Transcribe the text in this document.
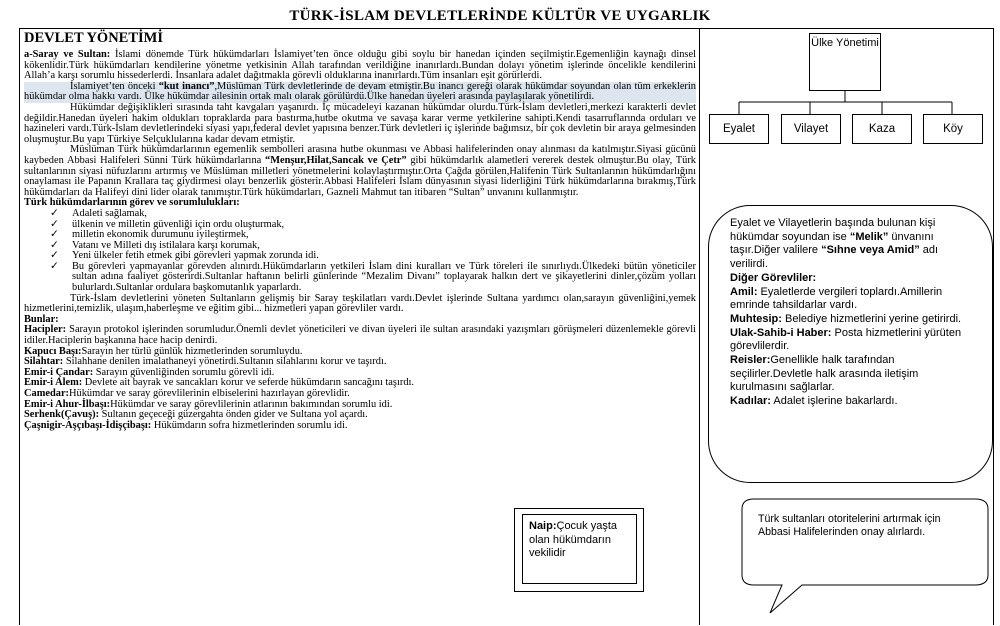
TÜRK-İSLAM DEVLETLERİNDE KÜLTÜR VE UYGARLIK
DEVLET YÖNETİMİ

a-Saray ve Sultan: İslami dönemde Türk hükümdarları İslamiyet’ten önce olduğu gibi soylu bir hanedan içinden seçilmiştir.Egemenliğin kaynağı dinsel kökenlidir.Türk hükümdarları kendilerine yönetme yetkisinin Allah tarafından verildiğine inanırlardı.Bundan dolayı yönetim işlerinde öncelikle kendilerini Allah’a karşı sorumlu hissederlerdi. İnsanlara adalet dağıtmakla görevli olduklarına inanırlardı.Tüm insanları eşit görürlerdi.

İslamiyet’ten önceki “kut inancı”,Müslüman Türk devletlerinde de devam etmiştir.Bu inancı gereği olarak hükümdar soyundan olan tüm erkeklerin hükümdar olma hakkı vardı. Ülke hükümdar ailesinin ortak malı olarak görülürdü.Ülke hanedan üyeleri arasında paylaşılarak yönetilirdi.

Hükümdar değişiklikleri sırasında taht kavgaları yaşanırdı. İç mücadeleyi kazanan hükümdar olurdu.Türk-İslam devletleri,merkezi karakterli devlet değildir.Hanedan üyeleri hakim oldukları topraklarda para bastırma,hutbe okutma ve savaşa karar verme yetkilerine sahipti.Kendi tasarruflarında orduları ve hazineleri vardı.Türk-İslam devletlerindeki siyasi yapı,federal devlet yapısına benzer.Türk devletleri iç işlerinde bağımsız, bir çok devletin bir araya gelmesinden oluşmuştur.Bu yapı Türkiye Selçuklularına kadar devam etmiştir.

Müslüman Türk hükümdarlarının egemenlik sembolleri arasına hutbe okunması ve Abbasi halifelerinden onay alınması da katılmıştır.Siyasi gücünü kaybeden Abbasi Halifeleri Sünni Türk hükümdarlarına “Menşur,Hilat,Sancak ve Çetr” gibi hükümdarlık alametleri vererek destek olmuştur.Bu olay, Türk sultanlarının siyasi nüfuzlarını artırmış ve Müslüman milletleri yönetmelerini kolaylaştırmıştır.Orta Çağda görülen,Halifenin Türk Sultanlarının hükümdarlığını onaylaması ile Papanın Krallara taç giydirmesi olayı benzerlik gösterir.Abbasi Halifeleri İslam dünyasının siyasi liderliğini Türk hükümdarlarına bırakmış,Türk hükümdarları da Halifeyi dini lider olarak tanımıştır.Türk hükümdarları, Gazneli Mahmut tan itibaren “Sultan” unvanını kullanmıştır.

Türk hükümdarlarının görev ve sorumlulukları:

✓ Adaleti sağlamak,
✓ ülkenin ve milletin güvenliği için ordu oluşturmak,
✓ milletin ekonomik durumunu iyileştirmek,
✓ Vatanı ve Milleti dış istilalara karşı korumak,
✓ Yeni ülkeler fetih etmek gibi görevleri yapmak zorunda idi.
✓ Bu görevleri yapmayanlar görevden alınırdı.Hükümdarların yetkileri İslam dini kuralları ve Türk töreleri ile sınırlıydı.Ülkedeki bütün yöneticiler sultan adına faaliyet gösterirdi.Sultanlar haftanın belirli günlerinde “Mezalim Divanı” toplayarak halkın dert ve şikayetlerini dinler,çözüm yolları bulurlardı.Sultanlar ordulara başkomutanlık yaparlardı.

Türk-İslam devletlerini yöneten Sultanların gelişmiş bir Saray teşkilatları vardı.Devlet işlerinde Sultana yardımcı olan,sarayın güvenliğini,yemek hizmetlerini,temizlik, ulaşım,haberleşme ve eğitim gibi... hizmetleri yapan görevliler vardı.

Bunlar:

Hacipler: Sarayın protokol işlerinden sorumludur.Önemli devlet yöneticileri ve divan üyeleri ile sultan arasındaki yazışmları görüşmeleri düzenlemekle görevli idiler.Haciplerin başkanına hace hacip denirdi.

Kapucı Başı:Sarayın her türlü günlük hizmetlerinden sorumluydu.

Silahtar: Silahhane denilen imalathaneyi yönetirdi.Sultanın silahlarını korur ve taşırdı.

Emir-i Çandar: Sarayın güvenliğinden sorumlu görevli idi.

Emir-i Alem: Devlete ait bayrak ve sancakları korur ve seferde hükümdarın sancağını taşırdı.

Camedar:Hükümdar ve saray görevlilerinin elbiselerini hazırlayan görevlidir.

Emir-i Ahur-İlbaşı:Hükümdar ve saray görevlilerinin atlarının bakımından sorumlu idi.

Serhenk(Çavuş): Sultanın geçeceği güzergahta önden gider ve Sultana yol açardı.

Çaşnigir-Aşçıbaşı-İdişçibaşı: Hükümdarın sofra hizmetlerinden sorumlu idi.

Ülke Yönetimi
Eyalet	Vilayet	Kaza	Köy

Eyalet ve Vilayetlerin başında bulunan kişi hükümdar soyundan ise “Melik” ünvanını taşır.Diğer valilere “Sıhne veya Amid” adı verilirdi.

Diğer Görevliler:

Amil: Eyaletlerde vergileri toplardı.Amillerin emrinde tahsildarlar vardı.

Muhtesip: Belediye hizmetlerini yerine getirirdi.

Ulak-Sahib-i Haber: Posta hizmetlerini yürüten görevlilerdir.

Reisler:Genellikle halk tarafından seçilirler.Devletle halk arasında iletişim kurulmasını sağlarlar.

Kadılar: Adalet işlerine bakarlardı.

Naip:Çocuk yaşta olan hükümdarın vekilidir
Türk sultanları otoritelerini artırmak için Abbasi Halifelerinden onay alırlardı.
